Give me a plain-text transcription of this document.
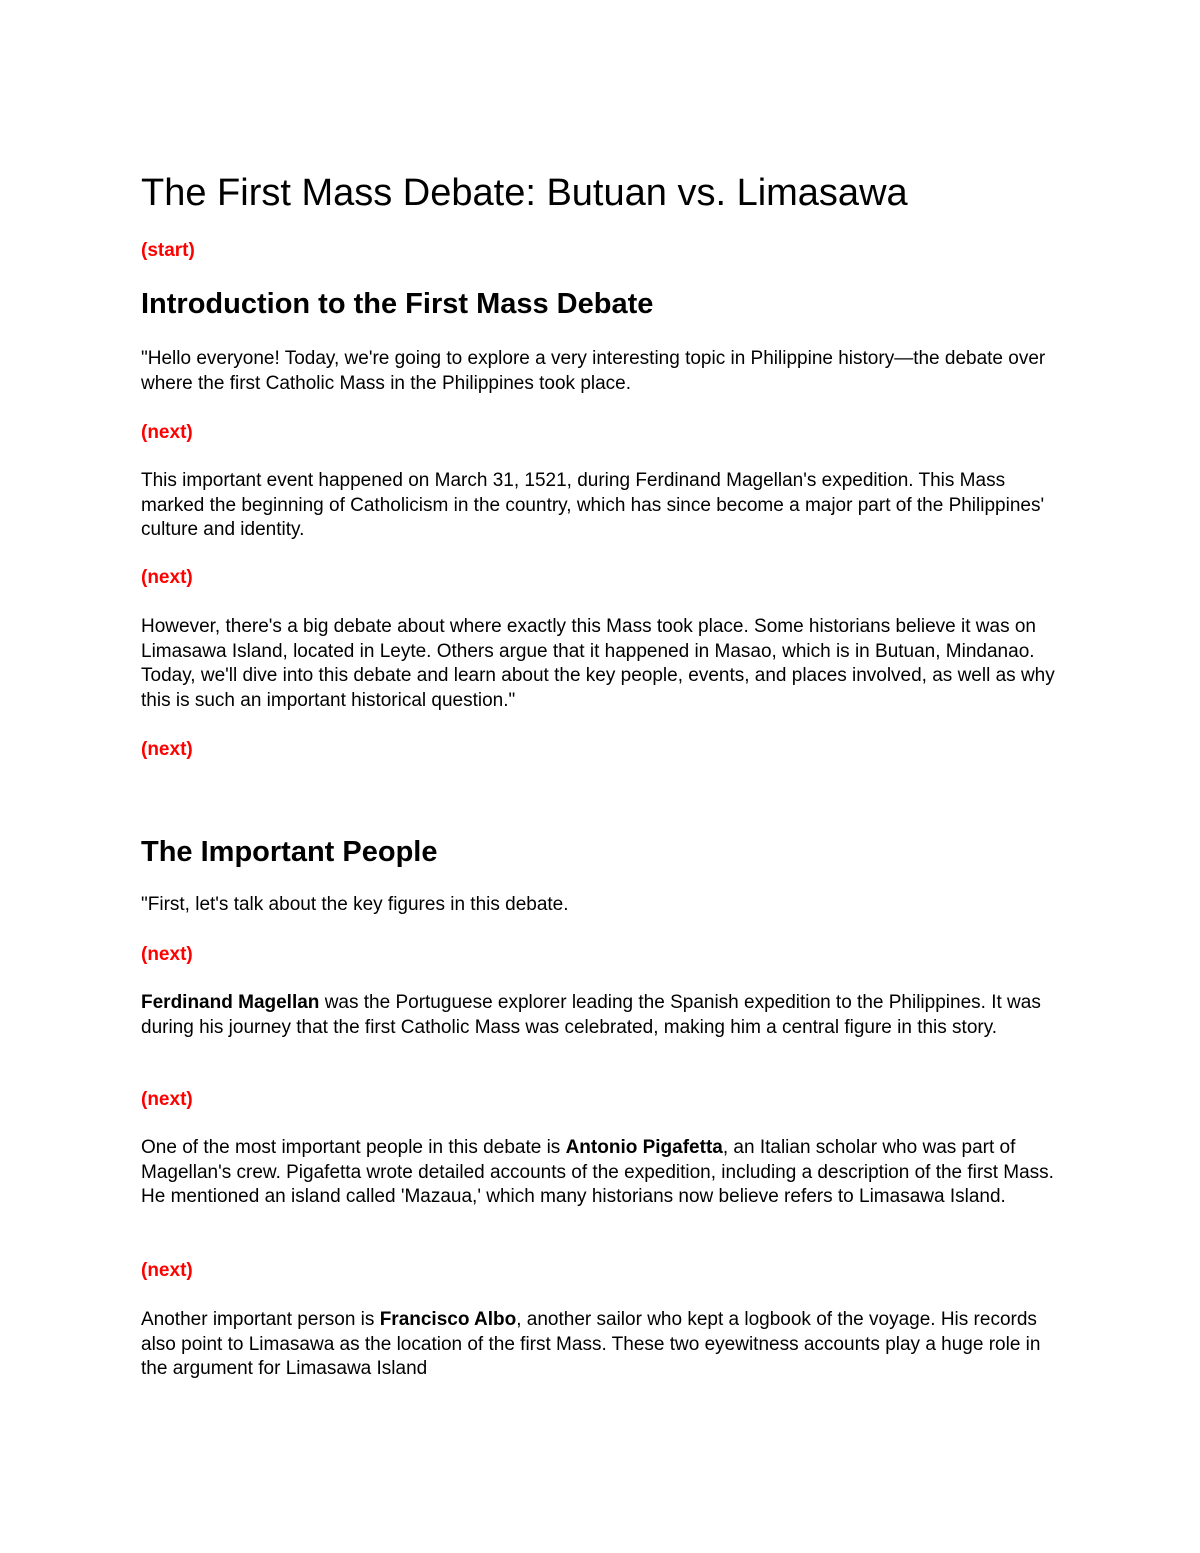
The First Mass Debate: Butuan vs. Limasawa
(start)
Introduction to the First Mass Debate

"Hello everyone! Today, we're going to explore a very interesting topic in Philippine history—the debate over where the first Catholic Mass in the Philippines took place.

(next)

This important event happened on March 31, 1521, during Ferdinand Magellan's expedition. This Mass marked the beginning of Catholicism in the country, which has since become a major part of the Philippines' culture and identity.

(next)

However, there's a big debate about where exactly this Mass took place. Some historians believe it was on Limasawa Island, located in Leyte. Others argue that it happened in Masao, which is in Butuan, Mindanao. Today, we'll dive into this debate and learn about the key people, events, and places involved, as well as why this is such an important historical question."

(next)
The Important People

"First, let's talk about the key figures in this debate.

(next)

Ferdinand Magellan was the Portuguese explorer leading the Spanish expedition to the Philippines. It was during his journey that the first Catholic Mass was celebrated, making him a central figure in this story.

(next)

One of the most important people in this debate is Antonio Pigafetta, an Italian scholar who was part of Magellan's crew. Pigafetta wrote detailed accounts of the expedition, including a description of the first Mass. He mentioned an island called 'Mazaua,' which many historians now believe refers to Limasawa Island.

(next)

Another important person is Francisco Albo, another sailor who kept a logbook of the voyage. His records also point to Limasawa as the location of the first Mass. These two eyewitness accounts play a huge role in the argument for Limasawa Island
